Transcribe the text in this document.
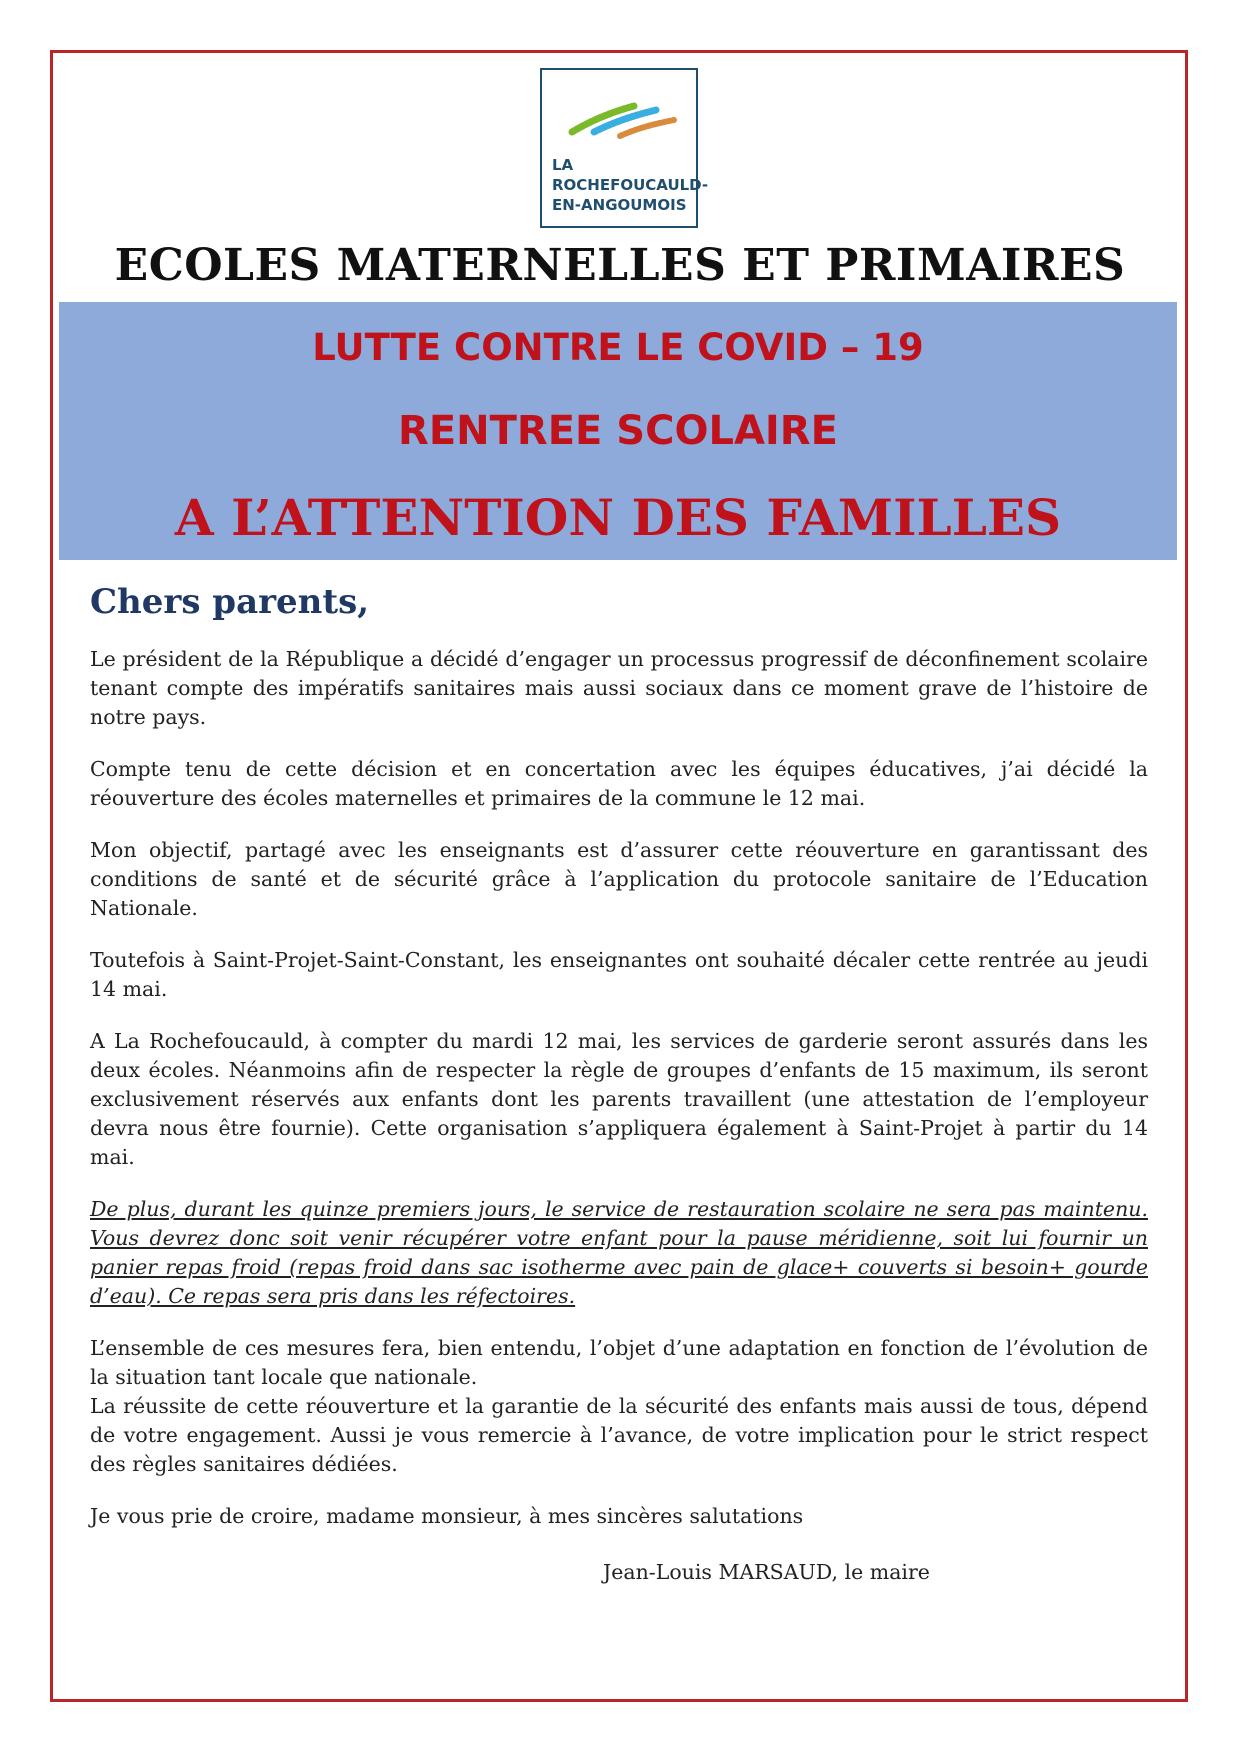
LA ROCHEFOUCAULD-
EN-ANGOUMOIS
ECOLES MATERNELLES ET PRIMAIRES

LUTTE CONTRE LE COVID – 19

RENTREE SCOLAIRE

A L’ATTENTION DES FAMILLES

Chers parents,

Le président de la République a décidé d’engager un processus progressif de déconfinement scolaire tenant compte des impératifs sanitaires mais aussi sociaux dans ce moment grave de l’histoire de notre pays.

Compte tenu de cette décision et en concertation avec les équipes éducatives, j’ai décidé la réouverture des écoles maternelles et primaires de la commune le 12 mai.

Mon objectif, partagé avec les enseignants est d’assurer cette réouverture en garantissant des conditions de santé et de sécurité grâce à l’application du protocole sanitaire de l’Education Nationale.

Toutefois à Saint-Projet-Saint-Constant, les enseignantes ont souhaité décaler cette rentrée au jeudi 14 mai.

A La Rochefoucauld, à compter du mardi 12 mai, les services de garderie seront assurés dans les deux écoles. Néanmoins afin de respecter la règle de groupes d’enfants de 15 maximum, ils seront exclusivement réservés aux enfants dont les parents travaillent (une attestation de l’employeur devra nous être fournie). Cette organisation s’appliquera également à Saint-Projet à partir du 14 mai.

De plus, durant les quinze premiers jours, le service de restauration scolaire ne sera pas maintenu. Vous devrez donc soit venir récupérer votre enfant pour la pause méridienne, soit lui fournir un panier repas froid (repas froid dans sac isotherme avec pain de glace+ couverts si besoin+ gourde d’eau). Ce repas sera pris dans les réfectoires.

L’ensemble de ces mesures fera, bien entendu, l’objet d’une adaptation en fonction de l’évolution de la situation tant locale que nationale.

La réussite de cette réouverture et la garantie de la sécurité des enfants mais aussi de tous, dépend de votre engagement. Aussi je vous remercie à l’avance, de votre implication pour le strict respect des règles sanitaires dédiées.

Je vous prie de croire, madame monsieur, à mes sincères salutations

Jean-Louis MARSAUD, le maire
